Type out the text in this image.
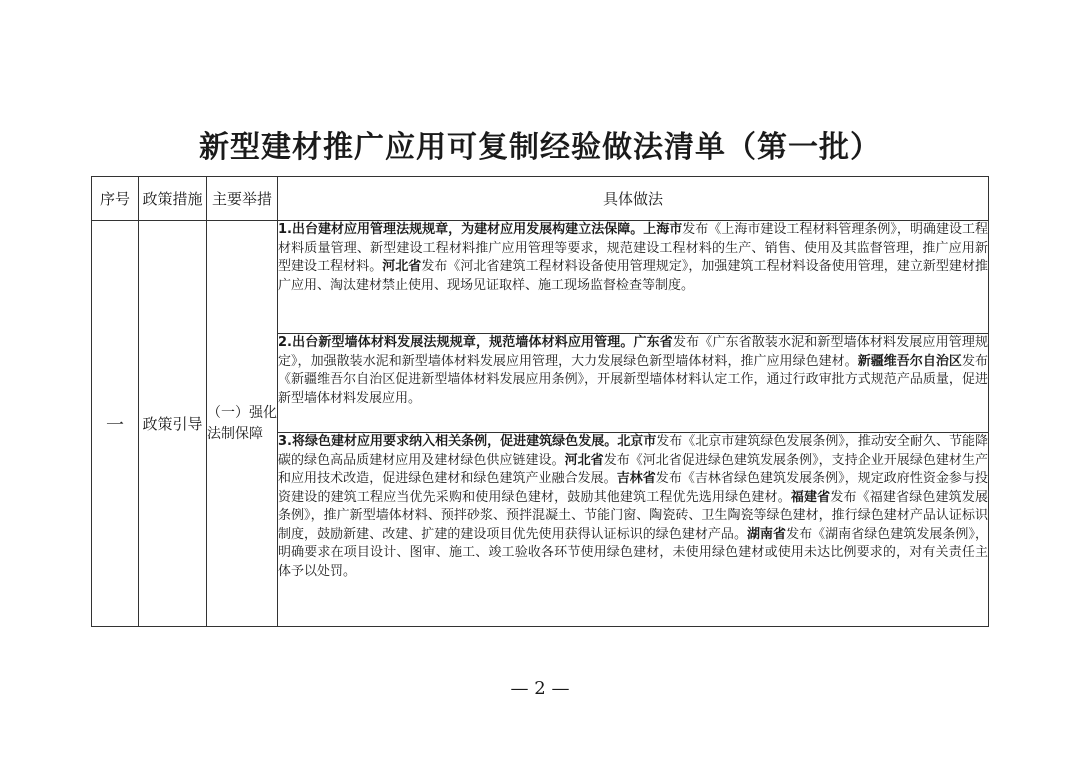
新型建材推广应用可复制经验做法清单（第一批）
序号	政策措施	主要举措	具体做法
一	政策引导	（一）强化法制保障	1.出台建材应用管理法规规章，为建材应用发展构建立法保障。上海市发布《上海市建设工程材料管理条例》，明确建设工程材料质量管理、新型建设工程材料推广应用管理等要求，规范建设工程材料的生产、销售、使用及其监督管理，推广应用新型建设工程材料。河北省发布《河北省建筑工程材料设备使用管理规定》，加强建筑工程材料设备使用管理，建立新型建材推广应用、淘汰建材禁止使用、现场见证取样、施工现场监督检查等制度。
			2.出台新型墙体材料发展法规规章，规范墙体材料应用管理。广东省发布《广东省散装水泥和新型墙体材料发展应用管理规定》，加强散装水泥和新型墙体材料发展应用管理，大力发展绿色新型墙体材料，推广应用绿色建材。新疆维吾尔自治区发布《新疆维吾尔自治区促进新型墙体材料发展应用条例》，开展新型墙体材料认定工作，通过行政审批方式规范产品质量，促进新型墙体材料发展应用。
			3.将绿色建材应用要求纳入相关条例，促进建筑绿色发展。北京市发布《北京市建筑绿色发展条例》，推动安全耐久、节能降碳的绿色高品质建材应用及建材绿色供应链建设。河北省发布《河北省促进绿色建筑发展条例》，支持企业开展绿色建材生产和应用技术改造，促进绿色建材和绿色建筑产业融合发展。吉林省发布《吉林省绿色建筑发展条例》，规定政府性资金参与投资建设的建筑工程应当优先采购和使用绿色建材，鼓励其他建筑工程优先选用绿色建材。福建省发布《福建省绿色建筑发展条例》，推广新型墙体材料、预拌砂浆、预拌混凝土、节能门窗、陶瓷砖、卫生陶瓷等绿色建材，推行绿色建材产品认证标识制度，鼓励新建、改建、扩建的建设项目优先使用获得认证标识的绿色建材产品。湖南省发布《湖南省绿色建筑发展条例》，明确要求在项目设计、图审、施工、竣工验收各环节使用绿色建材，未使用绿色建材或使用未达比例要求的，对有关责任主体予以处罚。
— 2 —
